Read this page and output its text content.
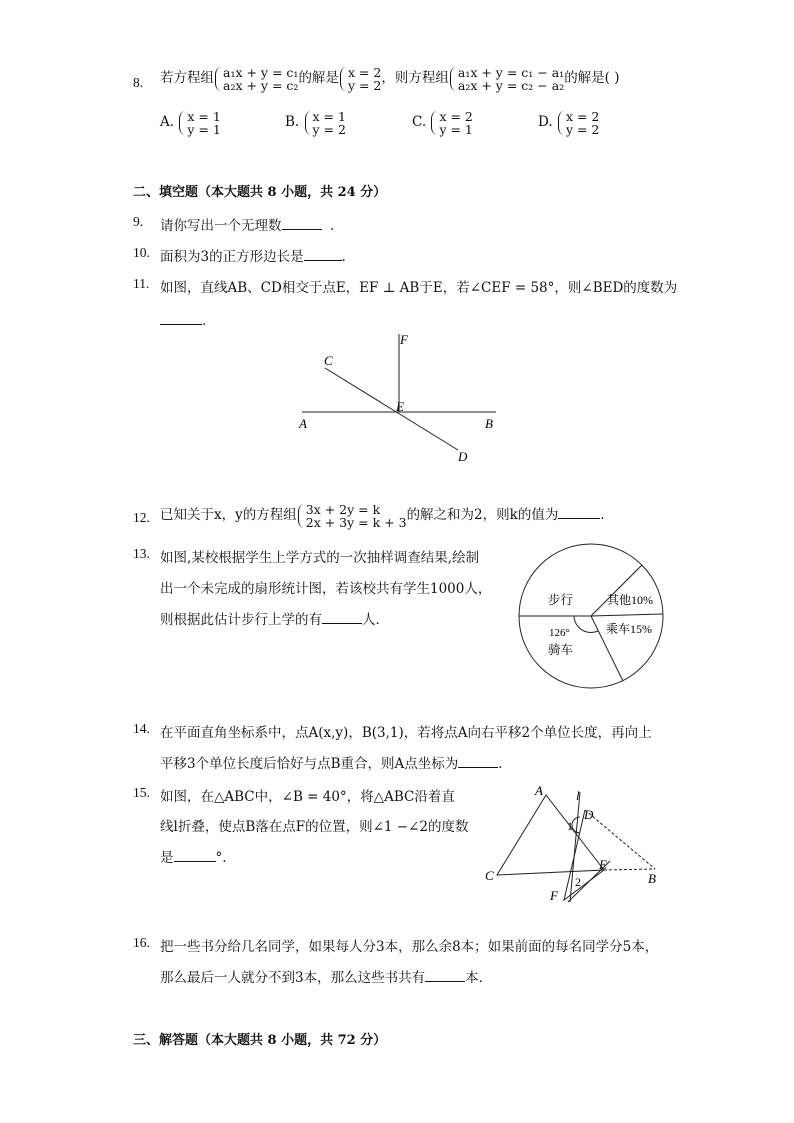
8. 若方程组 a₁x + y = c₁
a₂x + y = c₂ 的解是 x = 2
y = 2 ，则方程组 a₁x + y = c₁ − a₁
a₂x + y = c₂ − a₂ 的解是( )
A. x = 1
y = 1	B. x = 1
y = 2	C. x = 2
y = 1	D. x = 2
y = 2
二、填空题（本大题共 8 小题，共 24 分）
9. 请你写出一个无理数	．
10. 面积为3的正方形边长是	．
11. 如图，直线AB、CD相交于点E，EF ⊥ AB于E，若∠CEF = 58°，则∠BED的度数为
．
F
C
E
A	B
D
12. 已知关于x，y的方程组 3x + 2y = k
2x + 3y = k + 3 的解之和为2，则k的值为	．
13. 如图,某校根据学生上学方式的一次抽样调查结果,绘制
出一个未完成的扇形统计图，若该校共有学生1000人，
则根据此估计步行上学的有	人．
步行	其他10%
乘车15%
126°
骑车
14. 在平面直角坐标系中，点A(x,y)，B(3,1)，若将点A向右平移2个单位长度，再向上
平移3个单位长度后恰好与点B重合，则A点坐标为	．
15. 如图，在△ABC中，∠B = 40°，将△ABC沿着直
线l折叠，使点B落在点F的位置，则∠1 −∠2的度数
是	°.
A	l
D
1
E
C	B
2
F
16. 把一些书分给几名同学，如果每人分3本，那么余8本；如果前面的每名同学分5本，
那么最后一人就分不到3本，那么这些书共有	本．
三、解答题（本大题共 8 小题，共 72 分）
